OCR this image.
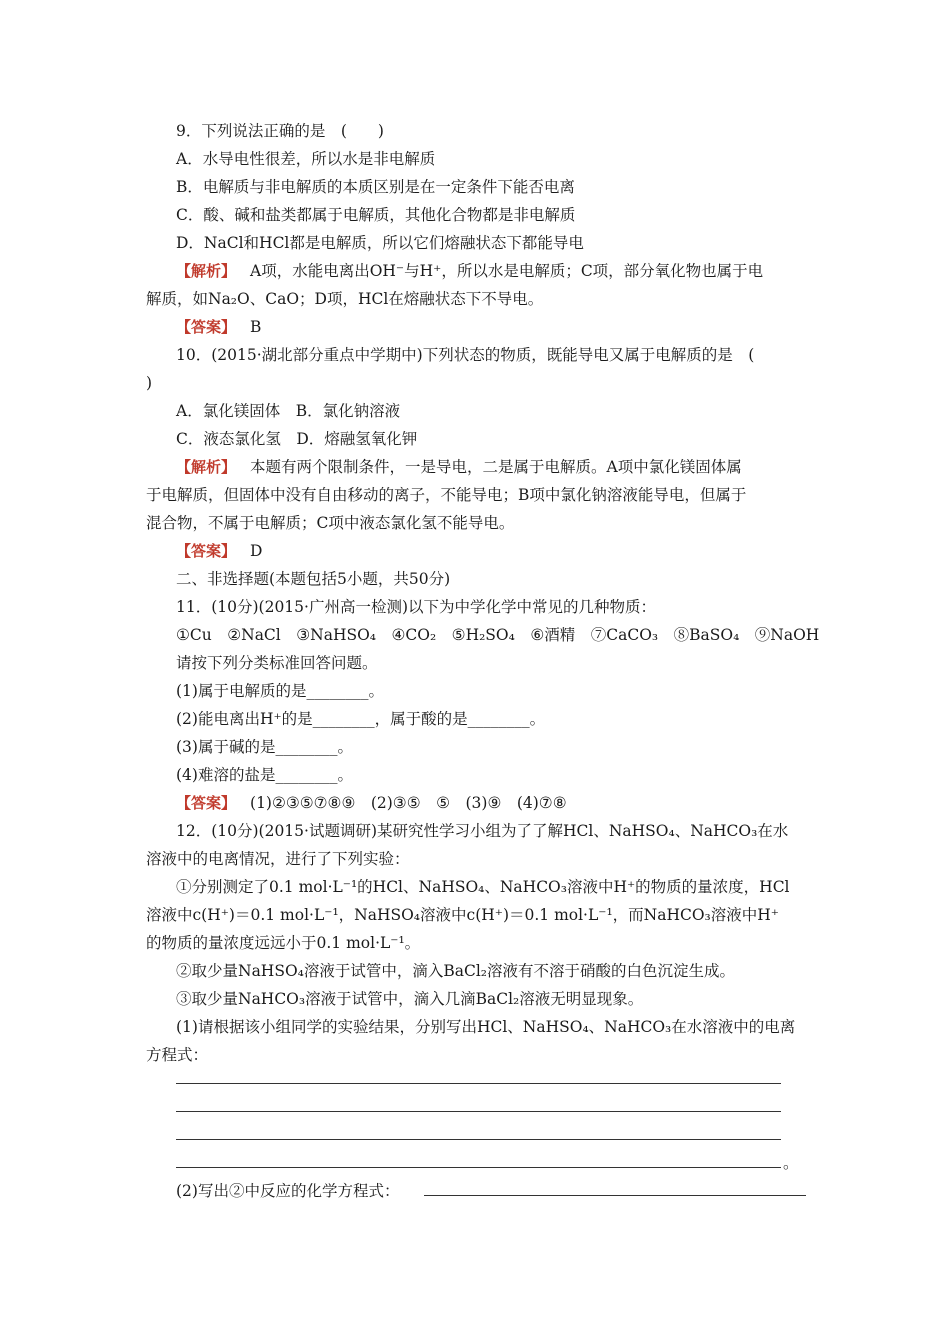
9．下列说法正确的是　(　　)
A．水导电性很差，所以水是非电解质
B．电解质与非电解质的本质区别是在一定条件下能否电离
C．酸、碱和盐类都属于电解质，其他化合物都是非电解质
D．NaCl和HCl都是电解质，所以它们熔融状态下都能导电
【解析】 A项，水能电离出OH⁻与H⁺，所以水是电解质；C项，部分氧化物也属于电
解质，如Na₂O、CaO；D项，HCl在熔融状态下不导电。
【答案】 B
10．(2015·湖北部分重点中学期中)下列状态的物质，既能导电又属于电解质的是　(
)
A．氯化镁固体　B．氯化钠溶液
C．液态氯化氢　D．熔融氢氧化钾
【解析】 本题有两个限制条件，一是导电，二是属于电解质。A项中氯化镁固体属
于电解质，但固体中没有自由移动的离子，不能导电；B项中氯化钠溶液能导电，但属于
混合物，不属于电解质；C项中液态氯化氢不能导电。
【答案】 D
二、非选择题(本题包括5小题，共50分)
11．(10分)(2015·广州高一检测)以下为中学化学中常见的几种物质：
①Cu　②NaCl　③NaHSO₄　④CO₂　⑤H₂SO₄　⑥酒精　⑦CaCO₃　⑧BaSO₄　⑨NaOH
请按下列分类标准回答问题。
(1)属于电解质的是________。
(2)能电离出H⁺的是________，属于酸的是________。
(3)属于碱的是________。
(4)难溶的盐是________。
【答案】 (1)②③⑤⑦⑧⑨　(2)③⑤　⑤　(3)⑨　(4)⑦⑧
12．(10分)(2015·试题调研)某研究性学习小组为了了解HCl、NaHSO₄、NaHCO₃在水
溶液中的电离情况，进行了下列实验：
①分别测定了0.1 mol·L⁻¹的HCl、NaHSO₄、NaHCO₃溶液中H⁺的物质的量浓度，HCl
溶液中c(H⁺)＝0.1 mol·L⁻¹，NaHSO₄溶液中c(H⁺)＝0.1 mol·L⁻¹，而NaHCO₃溶液中H⁺
的物质的量浓度远远小于0.1 mol·L⁻¹。
②取少量NaHSO₄溶液于试管中，滴入BaCl₂溶液有不溶于硝酸的白色沉淀生成。
③取少量NaHCO₃溶液于试管中，滴入几滴BaCl₂溶液无明显现象。
(1)请根据该小组同学的实验结果，分别写出HCl、NaHSO₄、NaHCO₃在水溶液中的电离
方程式：
。
(2)写出②中反应的化学方程式：
